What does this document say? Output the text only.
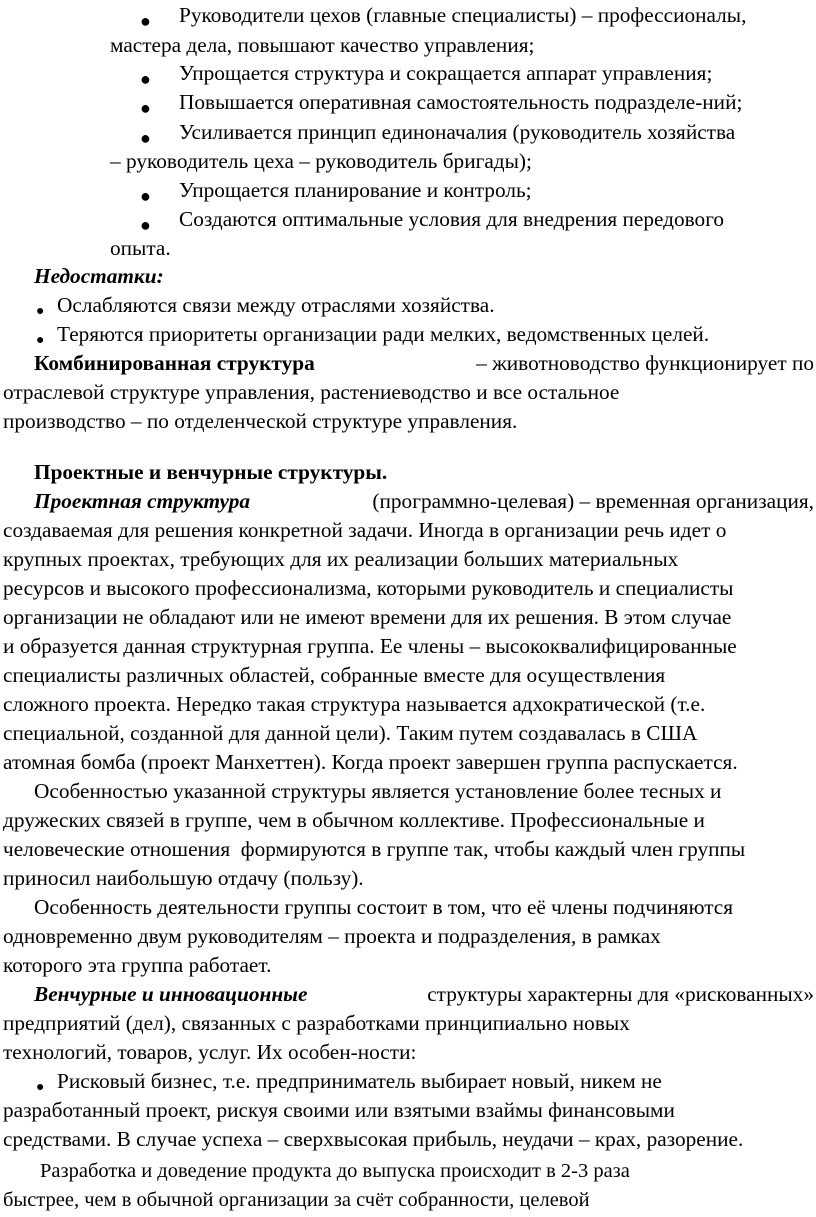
● Руководители цехов (главные специалисты) – профессионалы,
мастера дела, повышают качество управления;
● Упрощается структура и сокращается аппарат управления;
● Повышается оперативная самостоятельность подразделе-ний;
● Усиливается принцип единоначалия (руководитель хозяйства
– руководитель цеха – руководитель бригады);
● Упрощается планирование и контроль;
● Создаются оптимальные условия для внедрения передового
опыта.
Недостатки:
● Ослабляются связи между отраслями хозяйства.
● Теряются приоритеты организации ради мелких, ведомственных целей.
Комбинированная структура	– животноводство функционирует по
отраслевой структуре управления, растениеводство и все остальное
производство – по отделенческой структуре управления.
Проектные и венчурные структуры.
Проектная структура	(программно-целевая) – временная организация,
создаваемая для решения конкретной задачи. Иногда в организации речь идет о
крупных проектах, требующих для их реализации больших материальных
ресурсов и высокого профессионализма, которыми руководитель и специалисты
организации не обладают или не имеют времени для их решения. В этом случае
и образуется данная структурная группа. Ее члены – высококвалифицированные
специалисты различных областей, собранные вместе для осуществления
сложного проекта. Нередко такая структура называется адхократической (т.е.
специальной, созданной для данной цели). Таким путем создавалась в США
атомная бомба (проект Манхеттен). Когда проект завершен группа распускается.
Особенностью указанной структуры является установление более тесных и
дружеских связей в группе, чем в обычном коллективе. Профессиональные и
человеческие отношения  формируются в группе так, чтобы каждый член группы
приносил наибольшую отдачу (пользу).
Особенность деятельности группы состоит в том, что её члены подчиняются
одновременно двум руководителям – проекта и подразделения, в рамках
которого эта группа работает.
Венчурные и инновационные	структуры характерны для «рискованных»
предприятий (дел), связанных с разработками принципиально новых
технологий, товаров, услуг. Их особен-ности:
● Рисковый бизнес, т.е. предприниматель выбирает новый, никем не
разработанный проект, рискуя своими или взятыми взаймы финансовыми
средствами. В случае успеха – сверхвысокая прибыль, неудачи – крах, разорение.
Разработка и доведение продукта до выпуска происходит в 2-3 раза
быстрее, чем в обычной организации за счёт собранности, целевой
